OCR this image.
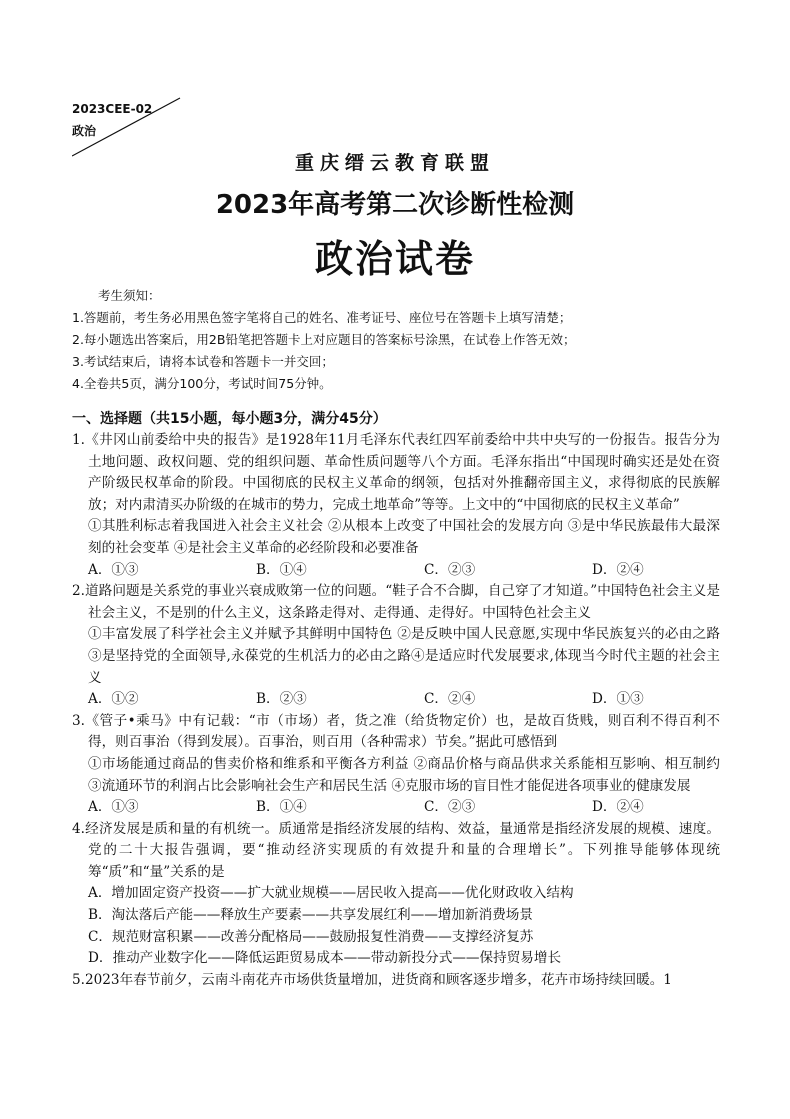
2023CEE-02
政治
重庆缙云教育联盟
2023年高考第二次诊断性检测
政治试卷
考生须知：
1.答题前，考生务必用黑色签字笔将自己的姓名、准考证号、座位号在答题卡上填写清楚；
2.每小题选出答案后，用2B铅笔把答题卡上对应题目的答案标号涂黑，在试卷上作答无效；
3.考试结束后，请将本试卷和答题卡一并交回；
4.全卷共5页，满分100分，考试时间75分钟。
一、选择题（共15小题，每小题3分，满分45分）
1.《井冈山前委给中央的报告》是1928年11月毛泽东代表红四军前委给中共中央写的一份报告。报告分为土地问题、政权问题、党的组织问题、革命性质问题等八个方面。毛泽东指出“中国现时确实还是处在资产阶级民权革命的阶段。中国彻底的民权主义革命的纲领，包括对外推翻帝国主义，求得彻底的民族解放；对内肃清买办阶级的在城市的势力，完成土地革命”等等。上文中的“中国彻底的民权主义革命”
①其胜利标志着我国进入社会主义社会 ②从根本上改变了中国社会的发展方向 ③是中华民族最伟大最深刻的社会变革 ④是社会主义革命的必经阶段和必要准备
A．①③	B．①④	C．②③	D．②④
2.道路问题是关系党的事业兴衰成败第一位的问题。“鞋子合不合脚，自己穿了才知道。”中国特色社会主义是社会主义，不是别的什么主义，这条路走得对、走得通、走得好。中国特色社会主义
①丰富发展了科学社会主义并赋予其鲜明中国特色 ②是反映中国人民意愿,实现中华民族复兴的必由之路③是坚持党的全面领导,永葆党的生机活力的必由之路④是适应时代发展要求,体现当今时代主题的社会主义
A．①②	B．②③	C．②④	D．①③
3.《管子•乘马》中有记载：“市（市场）者，货之准（给货物定价）也，是故百货贱，则百利不得百利不得，则百事治（得到发展）。百事治，则百用（各种需求）节矣。”据此可感悟到
①市场能通过商品的售卖价格和维系和平衡各方利益 ②商品价格与商品供求关系能相互影响、相互制约 ③流通环节的利润占比会影响社会生产和居民生活 ④克服市场的盲目性才能促进各项事业的健康发展
A．①③	B．①④	C．②③	D．②④
4.经济发展是质和量的有机统一。质通常是指经济发展的结构、效益，量通常是指经济发展的规模、速度。党的二十大报告强调，要“推动经济实现质的有效提升和量的合理增长”。下列推导能够体现统筹“质”和“量”关系的是
A．增加固定资产投资——扩大就业规模——居民收入提高——优化财政收入结构
B．淘汰落后产能——释放生产要素——共享发展红利——增加新消费场景
C．规范财富积累——改善分配格局——鼓励报复性消费——支撑经济复苏
D．推动产业数字化——降低运距贸易成本——带动新投分式——保持贸易增长
5.2023年春节前夕，云南斗南花卉市场供货量增加，进货商和顾客逐步增多，花卉市场持续回暖。1
